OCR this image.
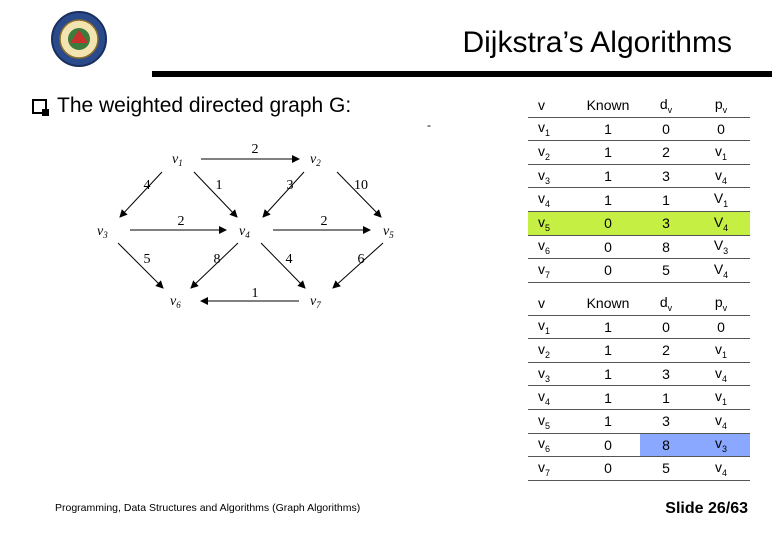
Dijkstra’s Algorithms
The weighted directed graph G:
-
$v_1$	$v_2$
$v_3$	$v_4$	$v_5$
$v_6$	$v_7$
2
4	1	3	10
2	2
5	8	4	6
1
v	Known	$d_v$	$p_v$
$v_1$	1	0	0
$v_2$	1	2	$v_1$
$v_3$	1	3	$v_4$
$v_4$	1	1	$V_1$
$v_5$	0	3	$V_4$
$v_6$	0	8	$V_3$
$v_7$	0	5	$V_4$
v	Known	$d_v$	$p_v$
$v_1$	1	0	0
$v_2$	1	2	$v_1$
$v_3$	1	3	$v_4$
$v_4$	1	1	$v_1$
$v_5$	1	3	$v_4$
$v_6$	0	8	$v_3$
$v_7$	0	5	$v_4$
Programming, Data Structures and Algorithms (Graph Algorithms)	Slide 26/63
